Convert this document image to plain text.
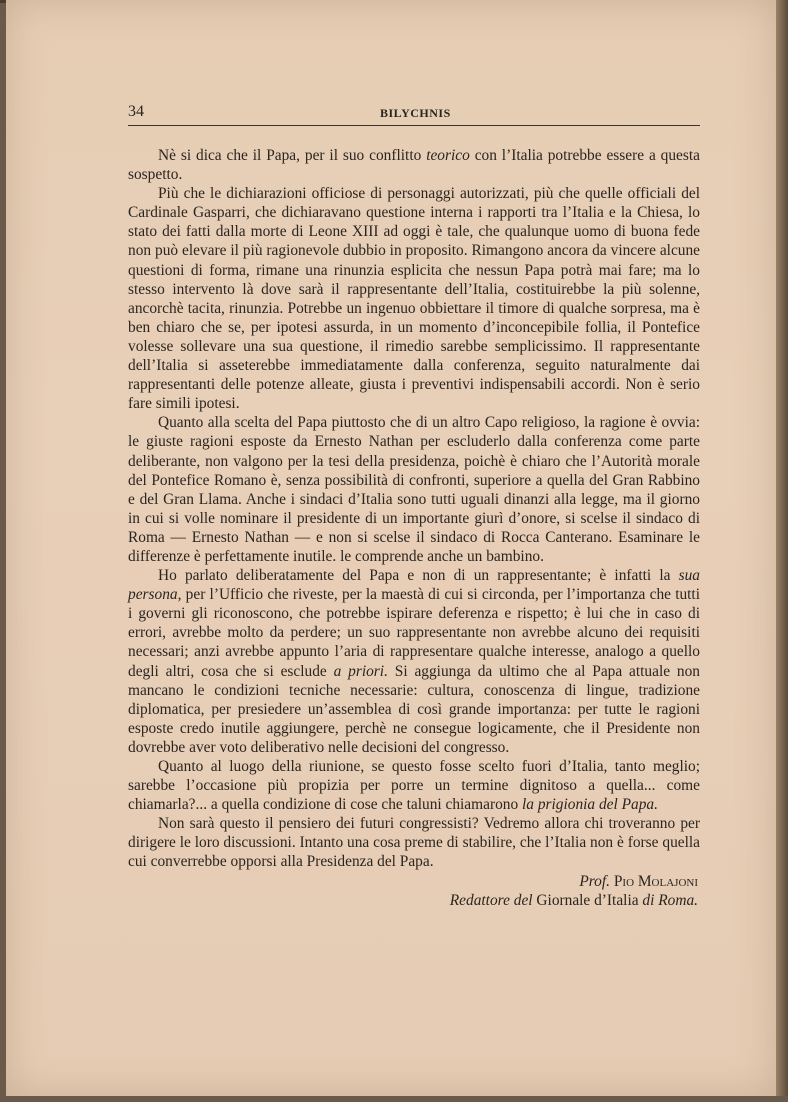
34	BILYCHNIS

Nè si dica che il Papa, per il suo conflitto teorico con l’Italia potrebbe essere a questa sospetto.

Più che le dichiarazioni officiose di personaggi autorizzati, più che quelle officiali del Cardinale Gasparri, che dichiaravano questione interna i rapporti tra l’Italia e la Chiesa, lo stato dei fatti dalla morte di Leone XIII ad oggi è tale, che qualunque uomo di buona fede non può elevare il più ragionevole dubbio in proposito. Rimangono ancora da vincere alcune questioni di forma, rimane una rinunzia esplicita che nessun Papa potrà mai fare; ma lo stesso intervento là dove sarà il rappresentante dell’Italia, costituirebbe la più solenne, ancorchè tacita, rinunzia. Potrebbe un ingenuo obbiettare il timore di qualche sorpresa, ma è ben chiaro che se, per ipotesi assurda, in un momento d’inconcepibile follia, il Pontefice volesse sollevare una sua questione, il rimedio sarebbe semplicissimo. Il rappresentante dell’Italia si asseterebbe immediatamente dalla conferenza, seguito naturalmente dai rappresentanti delle potenze alleate, giusta i preventivi indispensabili accordi. Non è serio fare simili ipotesi.

Quanto alla scelta del Papa piuttosto che di un altro Capo religioso, la ragione è ovvia: le giuste ragioni esposte da Ernesto Nathan per escluderlo dalla conferenza come parte deliberante, non valgono per la tesi della presidenza, poichè è chiaro che l’Autorità morale del Pontefice Romano è, senza possibilità di confronti, superiore a quella del Gran Rabbino e del Gran Llama. Anche i sindaci d’Italia sono tutti uguali dinanzi alla legge, ma il giorno in cui si volle nominare il presidente di un importante giurì d’onore, si scelse il sindaco di Roma — Ernesto Nathan — e non si scelse il sindaco di Rocca Canterano. Esaminare le differenze è perfettamente inutile. le comprende anche un bambino.

Ho parlato deliberatamente del Papa e non di un rappresentante; è infatti la sua persona, per l’Ufficio che riveste, per la maestà di cui si circonda, per l’importanza che tutti i governi gli riconoscono, che potrebbe ispirare deferenza e rispetto; è lui che in caso di errori, avrebbe molto da perdere; un suo rappresentante non avrebbe alcuno dei requisiti necessari; anzi avrebbe appunto l’aria di rappresentare qualche interesse, analogo a quello degli altri, cosa che si esclude a priori. Si aggiunga da ultimo che al Papa attuale non mancano le condizioni tecniche necessarie: cultura, conoscenza di lingue, tradizione diplomatica, per presiedere un’assemblea di così grande importanza: per tutte le ragioni esposte credo inutile aggiungere, perchè ne consegue logicamente, che il Presidente non dovrebbe aver voto deliberativo nelle decisioni del congresso.

Quanto al luogo della riunione, se questo fosse scelto fuori d’Italia, tanto meglio; sarebbe l’occasione più propizia per porre un termine dignitoso a quella... come chiamarla?... a quella condizione di cose che taluni chiamarono la prigionia del Papa.

Non sarà questo il pensiero dei futuri congressisti? Vedremo allora chi troveranno per dirigere le loro discussioni. Intanto una cosa preme di stabilire, che l’Italia non è forse quella cui converrebbe opporsi alla Presidenza del Papa.

Prof. Pio Molajoni
Redattore del Giornale d’Italia di Roma.
